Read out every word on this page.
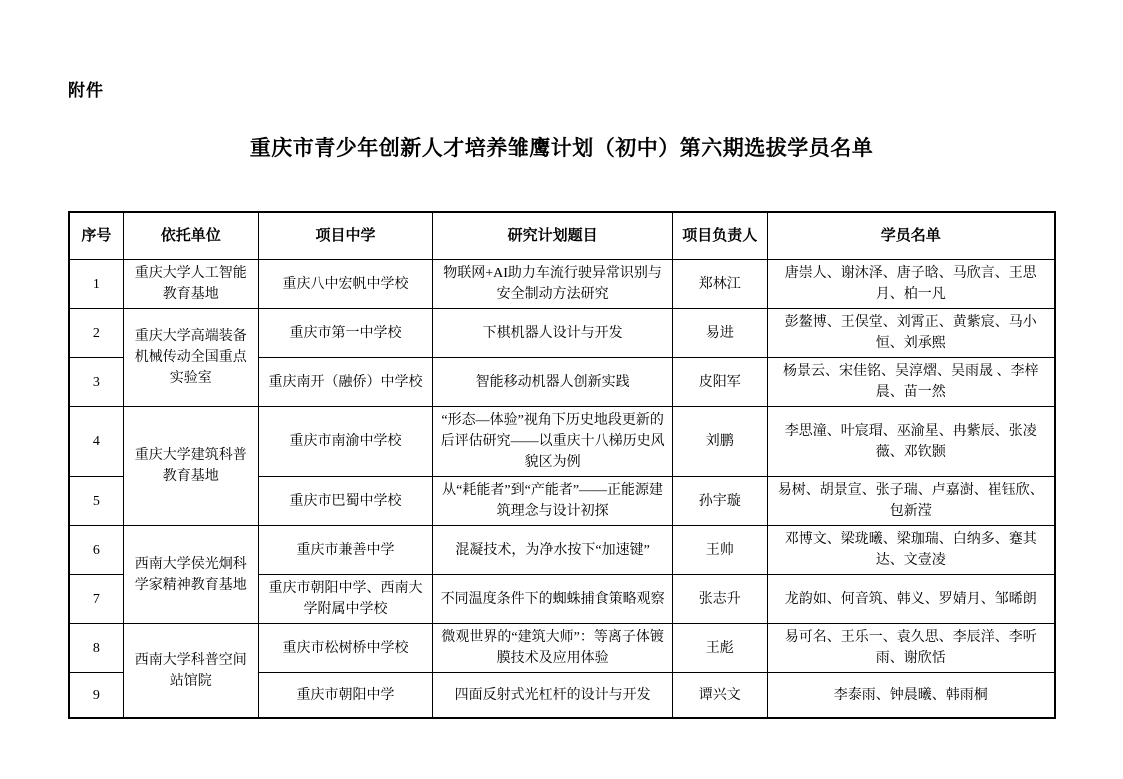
附件
重庆市青少年创新人才培养雏鹰计划（初中）第六期选拔学员名单
序号	依托单位	项目中学	研究计划题目	项目负责人	学员名单
1	重庆大学人工智能教育基地	重庆八中宏帆中学校	物联网+AI助力车流行驶异常识别与安全制动方法研究	郑林江	唐崇人、谢沐泽、唐子晗、马欣言、王思月、柏一凡
2	重庆大学高端装备机械传动全国重点实验室	重庆市第一中学校	下棋机器人设计与开发	易进	彭鳌博、王俣堂、刘霄正、黄紫宸、马小恒、刘承熙
3		重庆南开（融侨）中学校	智能移动机器人创新实践	皮阳军	杨景云、宋佳铭、吴淳熠、吴雨晟 、李梓晨、苗一然
4	重庆大学建筑科普教育基地	重庆市南渝中学校	“形态—体验”视角下历史地段更新的后评估研究——以重庆十八梯历史风貌区为例	刘鹏	李思潼、叶宸瑁、巫渝星、冉紫辰、张凌薇、邓钦颢
5		重庆市巴蜀中学校	从“耗能者”到“产能者”——正能源建筑理念与设计初探	孙宇璇	易树、胡景宣、张子瑞、卢嘉澍、崔钰欣、包新滢
6	西南大学侯光炯科学家精神教育基地	重庆市兼善中学	混凝技术，为净水按下“加速键”	王帅	邓博文、梁珑曦、梁珈瑞、白纳多、蹇其达、文壹凌
7		重庆市朝阳中学、西南大学附属中学校	不同温度条件下的蜘蛛捕食策略观察	张志升	龙韵如、何音筑、韩义、罗婧月、邹晞朗
8	西南大学科普空间站馆院	重庆市松树桥中学校	微观世界的“建筑大师”：等离子体镀膜技术及应用体验	王彪	易可名、王乐一、袁久思、李辰洋、李听雨、谢欣恬
9		重庆市朝阳中学	四面反射式光杠杆的设计与开发	谭兴文	李泰雨、钟晨曦、韩雨桐
